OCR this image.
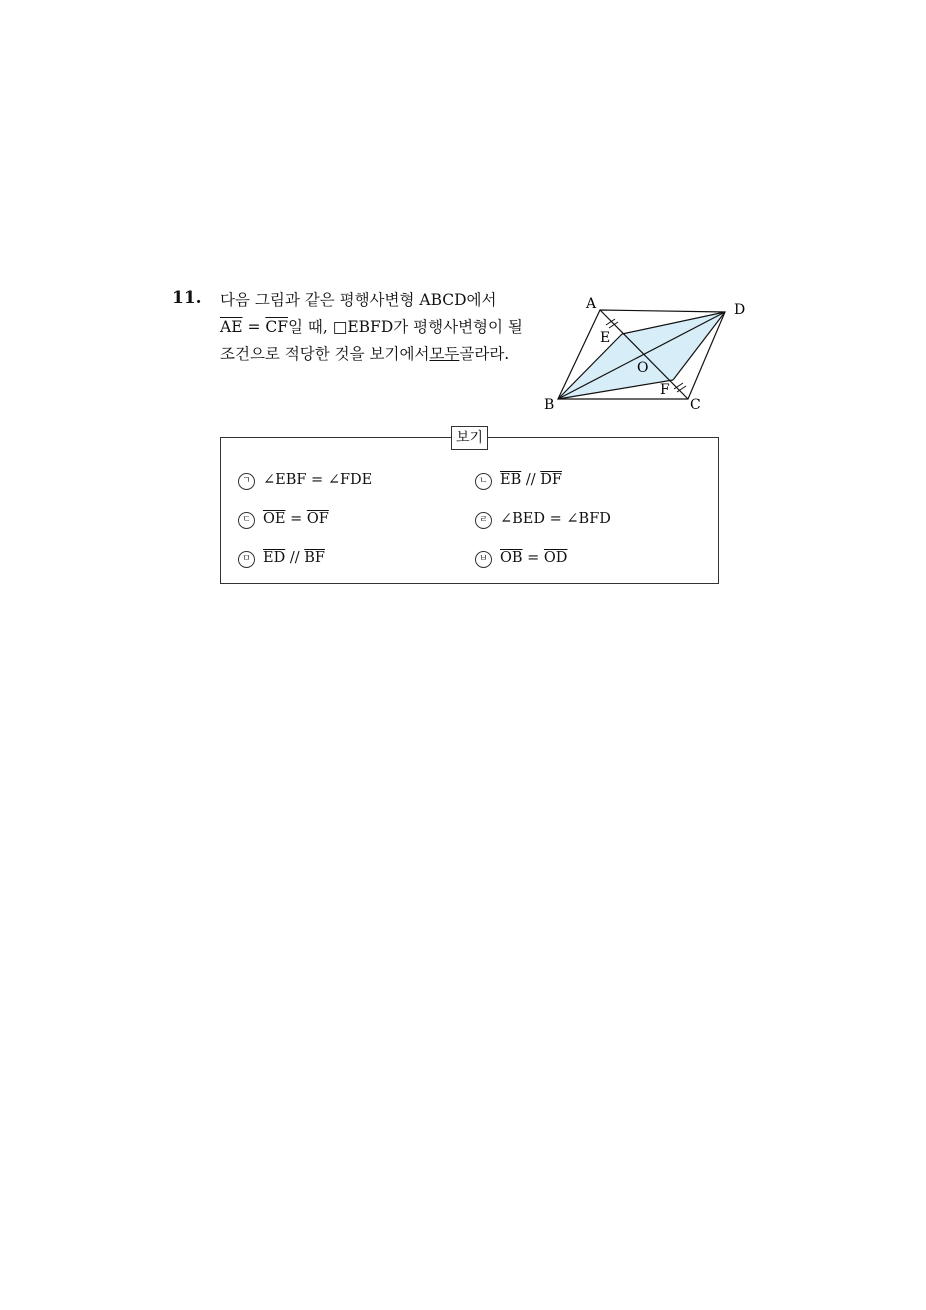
11. 다음 그림과 같은 평행사변형 ABCD에서
$\overline{AE} = \overline{CF}$일 때, □EBFD가 평행사변형이 될
조건으로 적당한 것을 보기에서모두골라라.
A	D
E
O
F
B	C
보기
ㄱ ∠EBF = ∠FDE	ㄴ $\overline{EB} // \overline{DF}$
ㄷ $\overline{OE} = \overline{OF}$	ㄹ ∠BED = ∠BFD
ㅁ $\overline{ED} // \overline{BF}$	ㅂ $\overline{OB} = \overline{OD}$
